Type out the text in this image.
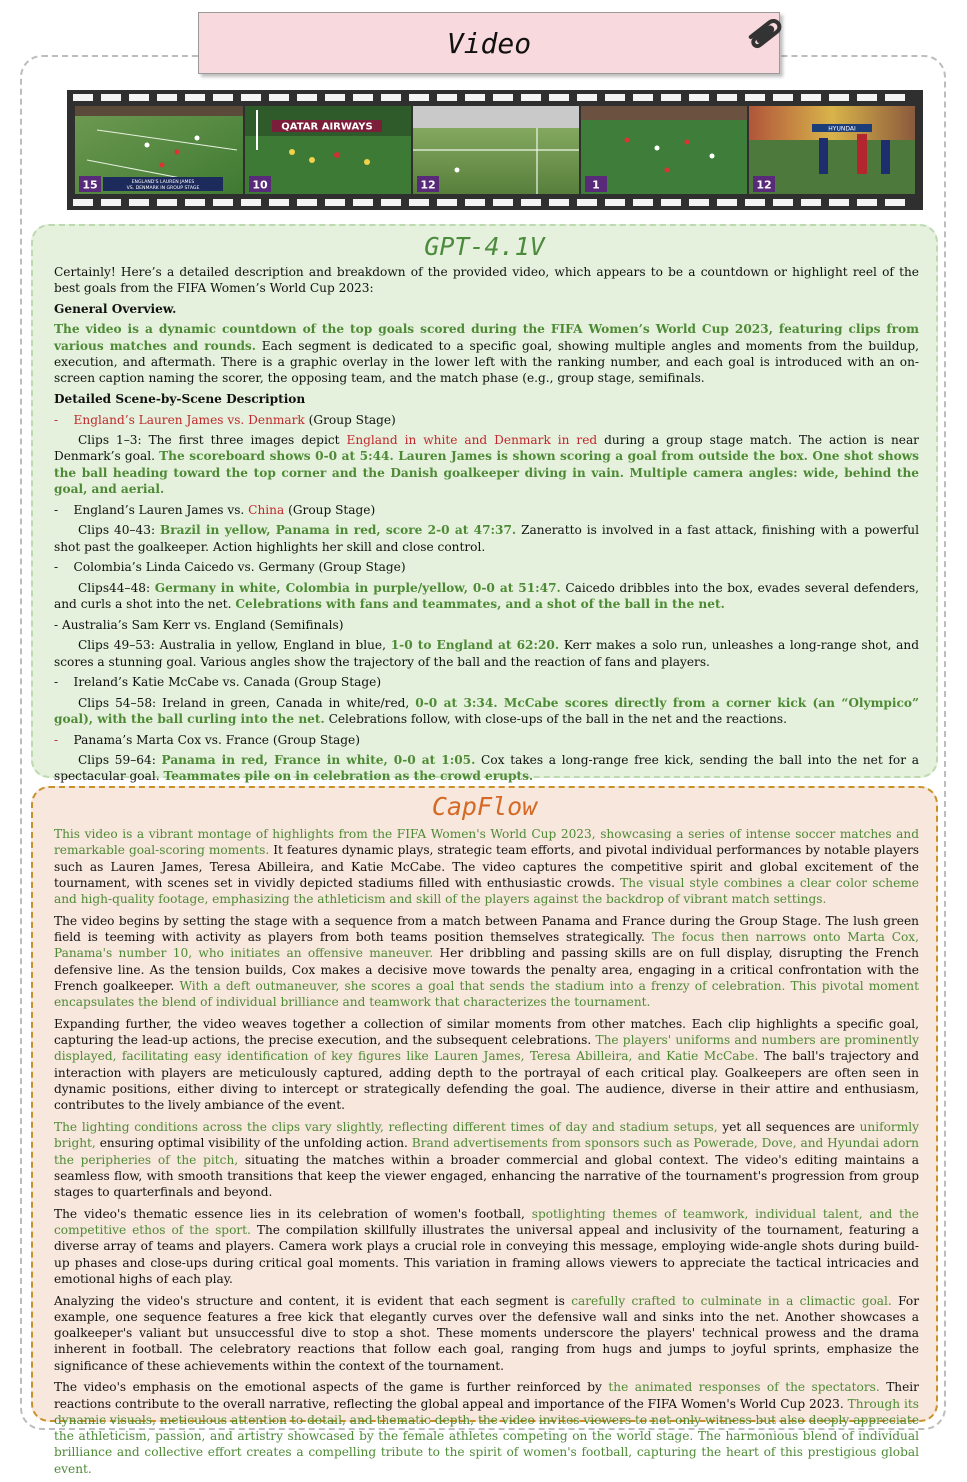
Video
15	ENGLAND'S LAUREN JAMES
VS. DENMARK IN GROUP STAGE
QATAR AIRWAYS
10	12	1
HYUNDAI
12
GPT-4.1V

Certainly! Here’s a detailed description and breakdown of the provided video, which appears to be a countdown or highlight reel of the best goals from the FIFA Women’s World Cup 2023:

General Overview.

The video is a dynamic countdown of the top goals scored during the FIFA Women’s World Cup 2023, featuring clips from various matches and rounds. Each segment is dedicated to a specific goal, showing multiple angles and moments from the buildup, execution, and aftermath. There is a graphic overlay in the lower left with the ranking number, and each goal is introduced with an on-screen caption naming the scorer, the opposing team, and the match phase (e.g., group stage, semifinals.

Detailed Scene-by-Scene Description

- England’s Lauren James vs. Denmark (Group Stage)

Clips 1–3: The first three images depict England in white and Denmark in red during a group stage match. The action is near Denmark’s goal. The scoreboard shows 0-0 at 5:44. Lauren James is shown scoring a goal from outside the box. One shot shows the ball heading toward the top corner and the Danish goalkeeper diving in vain. Multiple camera angles: wide, behind the goal, and aerial.

- England’s Lauren James vs. China (Group Stage)

Clips 40–43: Brazil in yellow, Panama in red, score 2-0 at 47:37. Zaneratto is involved in a fast attack, finishing with a powerful shot past the goalkeeper. Action highlights her skill and close control.

- Colombia’s Linda Caicedo vs. Germany (Group Stage)

Clips44–48: Germany in white, Colombia in purple/yellow, 0-0 at 51:47. Caicedo dribbles into the box, evades several defenders, and curls a shot into the net. Celebrations with fans and teammates, and a shot of the ball in the net.

- Australia’s Sam Kerr vs. England (Semifinals)

Clips 49–53: Australia in yellow, England in blue, 1-0 to England at 62:20. Kerr makes a solo run, unleashes a long-range shot, and scores a stunning goal. Various angles show the trajectory of the ball and the reaction of fans and players.

- Ireland’s Katie McCabe vs. Canada (Group Stage)

Clips 54–58: Ireland in green, Canada in white/red, 0-0 at 3:34. McCabe scores directly from a corner kick (an “Olympico” goal), with the ball curling into the net. Celebrations follow, with close-ups of the ball in the net and the reactions.

- Panama’s Marta Cox vs. France (Group Stage)

Clips 59–64: Panama in red, France in white, 0-0 at 1:05. Cox takes a long-range free kick, sending the ball into the net for a spectacular goal. Teammates pile on in celebration as the crowd erupts.

CapFlow

This video is a vibrant montage of highlights from the FIFA Women's World Cup 2023, showcasing a series of intense soccer matches and remarkable goal-scoring moments. It features dynamic plays, strategic team efforts, and pivotal individual performances by notable players such as Lauren James, Teresa Abilleira, and Katie McCabe. The video captures the competitive spirit and global excitement of the tournament, with scenes set in vividly depicted stadiums filled with enthusiastic crowds. The visual style combines a clear color scheme and high-quality footage, emphasizing the athleticism and skill of the players against the backdrop of vibrant match settings.

The video begins by setting the stage with a sequence from a match between Panama and France during the Group Stage. The lush green field is teeming with activity as players from both teams position themselves strategically. The focus then narrows onto Marta Cox, Panama's number 10, who initiates an offensive maneuver. Her dribbling and passing skills are on full display, disrupting the French defensive line. As the tension builds, Cox makes a decisive move towards the penalty area, engaging in a critical confrontation with the French goalkeeper. With a deft outmaneuver, she scores a goal that sends the stadium into a frenzy of celebration. This pivotal moment encapsulates the blend of individual brilliance and teamwork that characterizes the tournament.

Expanding further, the video weaves together a collection of similar moments from other matches. Each clip highlights a specific goal, capturing the lead-up actions, the precise execution, and the subsequent celebrations. The players' uniforms and numbers are prominently displayed, facilitating easy identification of key figures like Lauren James, Teresa Abilleira, and Katie McCabe. The ball's trajectory and interaction with players are meticulously captured, adding depth to the portrayal of each critical play. Goalkeepers are often seen in dynamic positions, either diving to intercept or strategically defending the goal. The audience, diverse in their attire and enthusiasm, contributes to the lively ambiance of the event.

The lighting conditions across the clips vary slightly, reflecting different times of day and stadium setups, yet all sequences are uniformly bright, ensuring optimal visibility of the unfolding action. Brand advertisements from sponsors such as Powerade, Dove, and Hyundai adorn the peripheries of the pitch, situating the matches within a broader commercial and global context. The video's editing maintains a seamless flow, with smooth transitions that keep the viewer engaged, enhancing the narrative of the tournament's progression from group stages to quarterfinals and beyond.

The video's thematic essence lies in its celebration of women's football, spotlighting themes of teamwork, individual talent, and the competitive ethos of the sport. The compilation skillfully illustrates the universal appeal and inclusivity of the tournament, featuring a diverse array of teams and players. Camera work plays a crucial role in conveying this message, employing wide-angle shots during build-up phases and close-ups during critical goal moments. This variation in framing allows viewers to appreciate the tactical intricacies and emotional highs of each play.

Analyzing the video's structure and content, it is evident that each segment is carefully crafted to culminate in a climactic goal. For example, one sequence features a free kick that elegantly curves over the defensive wall and sinks into the net. Another showcases a goalkeeper's valiant but unsuccessful dive to stop a shot. These moments underscore the players' technical prowess and the drama inherent in football. The celebratory reactions that follow each goal, ranging from hugs and jumps to joyful sprints, emphasize the significance of these achievements within the context of the tournament.

The video's emphasis on the emotional aspects of the game is further reinforced by the animated responses of the spectators. Their reactions contribute to the overall narrative, reflecting the global appeal and importance of the FIFA Women's World Cup 2023. Through its dynamic visuals, meticulous attention to detail, and thematic depth, the video invites viewers to not only witness but also deeply appreciate the athleticism, passion, and artistry showcased by the female athletes competing on the world stage. The harmonious blend of individual brilliance and collective effort creates a compelling tribute to the spirit of women's football, capturing the heart of this prestigious global event.
